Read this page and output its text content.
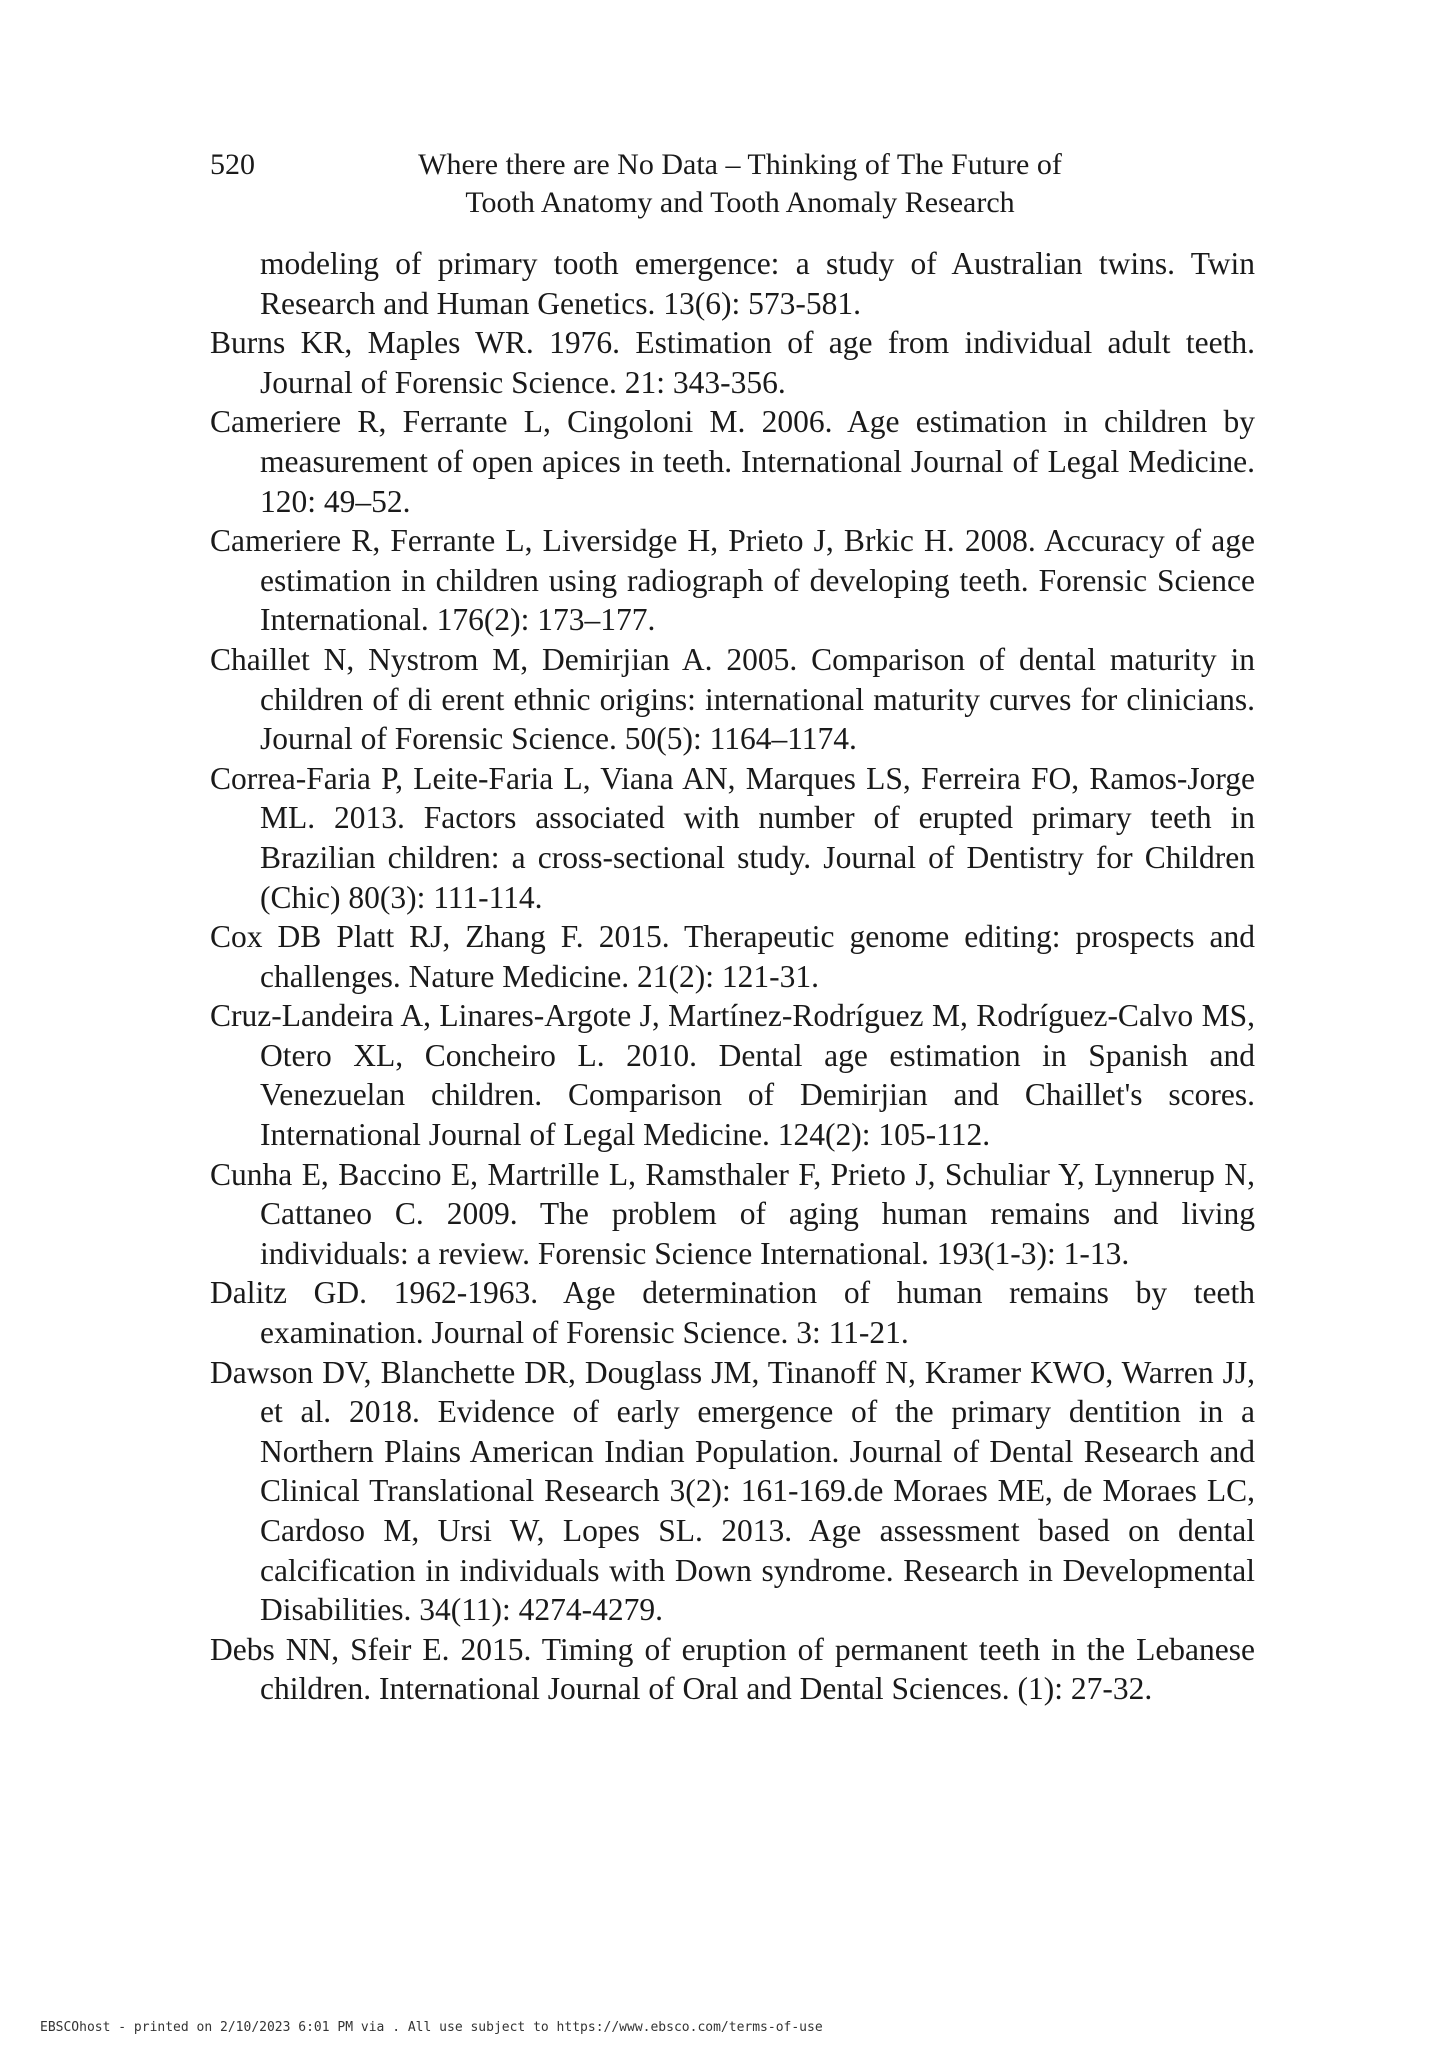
520	Where there are No Data – Thinking of The Future of
Tooth Anatomy and Tooth Anomaly Research

modeling of primary tooth emergence: a study of Australian twins. Twin Research and Human Genetics. 13(6): 573-581.

Burns KR, Maples WR. 1976. Estimation of age from individual adult teeth. Journal of Forensic Science. 21: 343-356.

Cameriere R, Ferrante L, Cingoloni M. 2006. Age estimation in children by measurement of open apices in teeth. International Journal of Legal Medicine. 120: 49–52.

Cameriere R, Ferrante L, Liversidge H, Prieto J, Brkic H. 2008. Accuracy of age estimation in children using radiograph of developing teeth. Forensic Science International. 176(2): 173–177.

Chaillet N, Nystrom M, Demirjian A. 2005. Comparison of dental maturity in children of di erent ethnic origins: international maturity curves for clinicians. Journal of Forensic Science. 50(5): 1164–1174.

Correa-Faria P, Leite-Faria L, Viana AN, Marques LS, Ferreira FO, Ramos-Jorge ML. 2013. Factors associated with number of erupted primary teeth in Brazilian children: a cross-sectional study. Journal of Dentistry for Children (Chic) 80(3): 111-114.

Cox DB Platt RJ, Zhang F. 2015. Therapeutic genome editing: prospects and challenges. Nature Medicine. 21(2): 121-31.

Cruz-Landeira A, Linares-Argote J, Martínez-Rodríguez M, Rodríguez-Calvo MS, Otero XL, Concheiro L. 2010. Dental age estimation in Spanish and Venezuelan children. Comparison of Demirjian and Chaillet's scores. International Journal of Legal Medicine. 124(2): 105-112.

Cunha E, Baccino E, Martrille L, Ramsthaler F, Prieto J, Schuliar Y, Lynnerup N, Cattaneo C. 2009. The problem of aging human remains and living individuals: a review. Forensic Science International. 193(1-3): 1-13.

Dalitz GD. 1962-1963. Age determination of human remains by teeth examination. Journal of Forensic Science. 3: 11-21.

Dawson DV, Blanchette DR, Douglass JM, Tinanoff N, Kramer KWO, Warren JJ, et al. 2018. Evidence of early emergence of the primary dentition in a Northern Plains American Indian Population. Journal of Dental Research and Clinical Translational Research 3(2): 161-169.de Moraes ME, de Moraes LC, Cardoso M, Ursi W, Lopes SL. 2013. Age assessment based on dental calcification in individuals with Down syndrome. Research in Developmental Disabilities. 34(11): 4274-4279.

Debs NN, Sfeir E. 2015. Timing of eruption of permanent teeth in the Lebanese children. International Journal of Oral and Dental Sciences. (1): 27-32.

EBSCOhost - printed on 2/10/2023 6:01 PM via . All use subject to https://www.ebsco.com/terms-of-use
